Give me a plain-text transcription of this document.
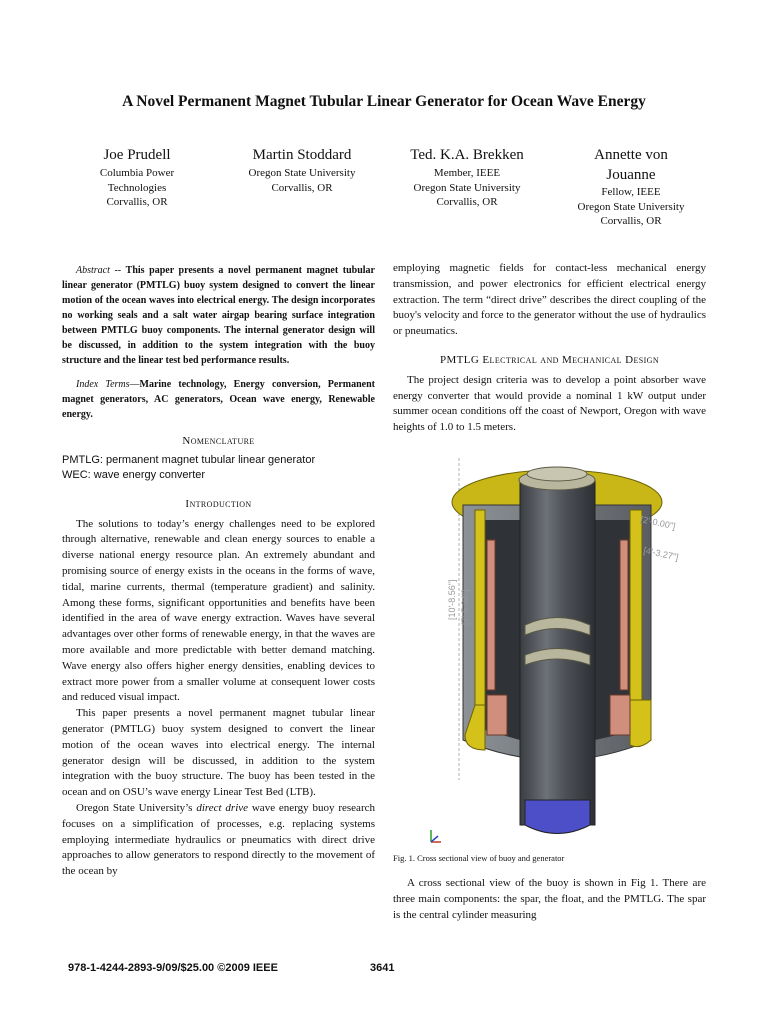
A Novel Permanent Magnet Tubular Linear Generator for Ocean Wave Energy
Joe Prudell
Columbia Power
Technologies
Corvallis, OR
Martin Stoddard
Oregon State University
Corvallis, OR
Ted. K.A. Brekken
Member, IEEE
Oregon State University
Corvallis, OR
Annette von Jouanne
Fellow, IEEE
Oregon State University
Corvallis, OR

Abstract -- This paper presents a novel permanent magnet tubular linear generator (PMTLG) buoy system designed to convert the linear motion of the ocean waves into electrical energy. The design incorporates no working seals and a salt water airgap bearing surface integration between PMTLG buoy components. The internal generator design will be discussed, in addition to the system integration with the buoy structure and the linear test bed performance results.

Index Terms—Marine technology, Energy conversion, Permanent magnet generators, AC generators, Ocean wave energy, Renewable energy.

Nomenclature
PMTLG: permanent magnet tubular linear generator
WEC: wave energy converter
Introduction

The solutions to today’s energy challenges need to be explored through alternative, renewable and clean energy sources to enable a diverse national energy resource plan. An extremely abundant and promising source of energy exists in the oceans in the forms of wave, tidal, marine currents, thermal (temperature gradient) and salinity. Among these forms, significant opportunities and benefits have been identified in the area of wave energy extraction. Waves have several advantages over other forms of renewable energy, in that the waves are more available and more predictable with better demand matching. Wave energy also offers higher energy densities, enabling devices to extract more power from a smaller volume at consequent lower costs and reduced visual impact.

This paper presents a novel permanent magnet tubular linear generator (PMTLG) buoy system designed to convert the linear motion of the ocean waves into electrical energy. The internal generator design will be discussed, in addition to the system integration with the buoy structure. The buoy has been tested in the ocean and on OSU’s wave energy Linear Test Bed (LTB).

Oregon State University’s direct drive wave energy buoy research focuses on a simplification of processes, e.g. replacing systems employing intermediate hydraulics or pneumatics with direct drive approaches to allow generators to respond directly to the movement of the ocean by

employing magnetic fields for contact-less mechanical energy transmission, and power electronics for efficient electrical energy extraction. The term “direct drive” describes the direct coupling of the buoy's velocity and force to the generator without the use of hydraulics or pneumatics.

PMTLG Electrical and Mechanical Design

The project design criteria was to develop a point absorber wave energy converter that would provide a nominal 1 kW output under summer ocean conditions off the coast of Newport, Oregon with wave heights of 1.0 to 1.5 meters.

[2'-0.00"]
[4'-3.27"]
[10'-8.56"] [7'-5.34"]
Fig. 1. Cross sectional view of buoy and generator

A cross sectional view of the buoy is shown in Fig 1. There are three main components: the spar, the float, and the PMTLG. The spar is the central cylinder measuring

978-1-4244-2893-9/09/$25.00 ©2009 IEEE	3641
